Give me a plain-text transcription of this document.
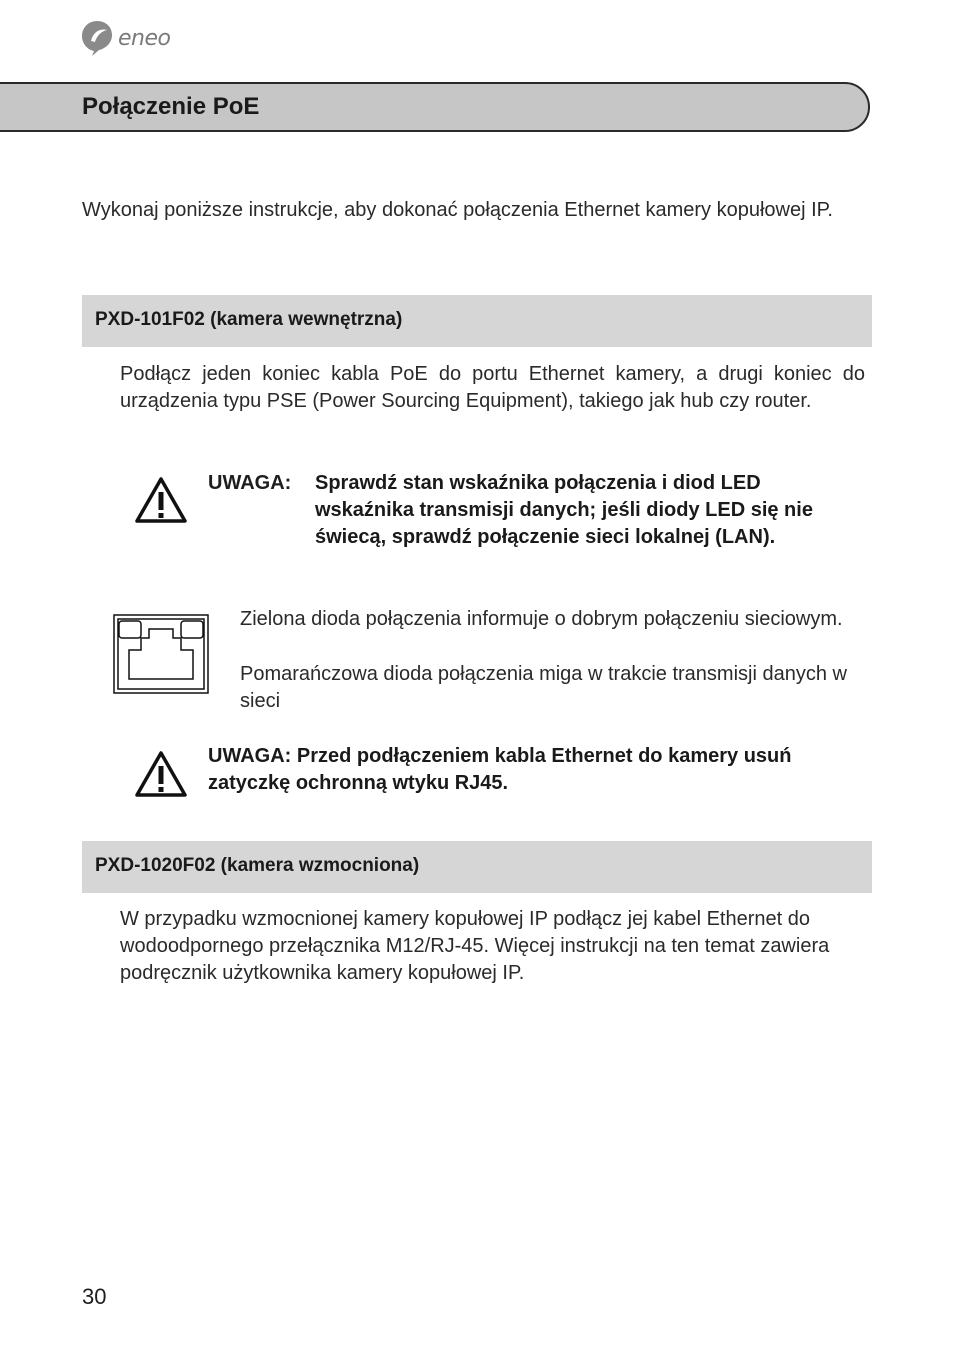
eneo
Połączenie PoE

Wykonaj poniższe instrukcje, aby dokonać połączenia Ethernet kamery kopułowej IP.

PXD-101F02 (kamera wewnętrzna)

Podłącz jeden koniec kabla PoE do portu Ethernet kamery, a drugi koniec do urządzenia typu PSE (Power Sourcing Equipment), takiego jak hub czy router.

UWAGA: Sprawdź stan wskaźnika połączenia i diod LED wskaźnika transmisji danych; jeśli diody LED się nie świecą, sprawdź połączenie sieci lokalnej (LAN).

Zielona dioda połączenia informuje o dobrym połączeniu sieciowym.

Pomarańczowa dioda połączenia miga w trakcie transmisji danych w sieci

UWAGA: Przed podłączeniem kabla Ethernet do kamery usuń zatyczkę ochronną wtyku RJ45.
PXD-1020F02 (kamera wzmocniona)

W przypadku wzmocnionej kamery kopułowej IP podłącz jej kabel Ethernet do wodoodpornego przełącznika M12/RJ-45. Więcej instrukcji na ten temat zawiera podręcznik użytkownika kamery kopułowej IP.

30
